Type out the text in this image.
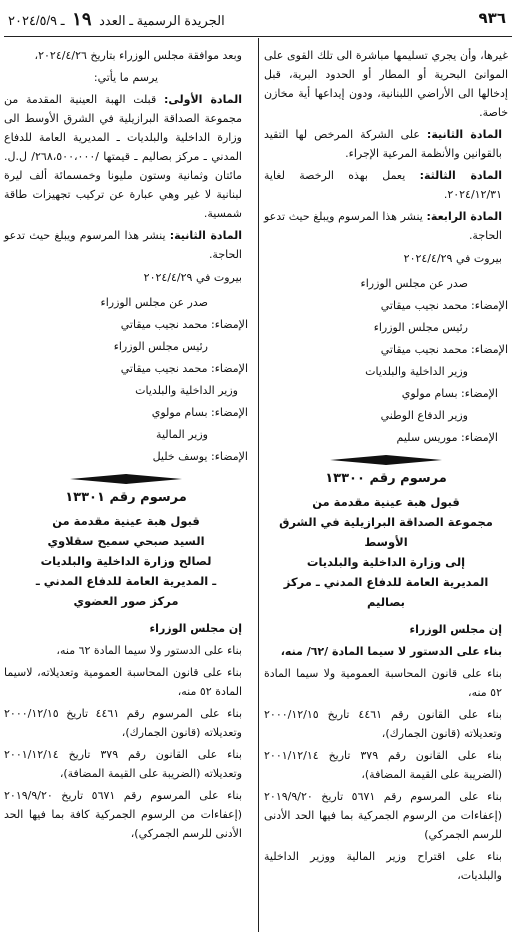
٩٣٦
الجريدة الرسمية ـ العدد ١٩ ـ ٢٠٢٤/٥/٩

غيرها، وأن يجري تسليمها مباشرة الى تلك القوى على الموانئ البحرية أو المطار أو الحدود البرية، قبل إدخالها الى الأراضي اللبنانية، ودون إيداعها أية مخازن خاصة.

المادة الثانية: على الشركة المرخص لها التقيد بالقوانين والأنظمة المرعية الإجراء.

المادة الثالثة: يعمل بهذه الرخصة لغاية ٢٠٢٤/١٢/٣١.

المادة الرابعة: ينشر هذا المرسوم ويبلغ حيث تدعو الحاجة.

بيروت في ٢٠٢٤/٤/٢٩

صدر عن مجلس الوزراء

الإمضاء: محمد نجيب ميقاتي

رئيس مجلس الوزراء

الإمضاء: محمد نجيب ميقاتي

وزير الداخلية والبلديات

الإمضاء: بسام مولوي

وزير الدفاع الوطني

الإمضاء: موريس سليم

مرسوم رقم ١٣٣٠٠

قبول هبة عينية مقدمة من

مجموعة الصداقة البرازيلية في الشرق الأوسط

إلى وزارة الداخلية والبلديات

المديرية العامة للدفاع المدني ـ مركز بصاليم

إن مجلس الوزراء

بناء على الدستور لا سيما المادة /٦٢/ منه،

بناء على قانون المحاسبة العمومية ولا سيما المادة ٥٢ منه،

بناء على القانون رقم ٤٤٦١ تاريخ ٢٠٠٠/١٢/١٥ وتعديلاته (قانون الجمارك)،

بناء على القانون رقم ٣٧٩ تاريخ ٢٠٠١/١٢/١٤ (الضريبة على القيمة المضافة)،

بناء على المرسوم رقم ٥٦٧١ تاريخ ٢٠١٩/٩/٢٠ (إعفاءات من الرسوم الجمركية بما فيها الحد الأدنى للرسم الجمركي)

بناء على اقتراح وزير المالية ووزير الداخلية والبلديات،

وبعد موافقة مجلس الوزراء بتاريخ ٢٠٢٤/٤/٢٦،

يرسم ما يأتي:

المادة الأولى: قبلت الهبة العينية المقدمة من مجموعة الصداقة البرازيلية في الشرق الأوسط الى وزارة الداخلية والبلديات ـ المديرية العامة للدفاع المدني ـ مركز بصاليم ـ قيمتها /٢٦٨،٥٠٠،٠٠٠/ ل.ل. مائتان وثمانية وستون مليونا وخمسمائة ألف ليرة لبنانية لا غير وهي عبارة عن تركيب تجهيزات طاقة شمسية.

المادة الثانية: ينشر هذا المرسوم ويبلغ حيث تدعو الحاجة.

بيروت في ٢٠٢٤/٤/٢٩

صدر عن مجلس الوزراء

الإمضاء: محمد نجيب ميقاتي

رئيس مجلس الوزراء

الإمضاء: محمد نجيب ميقاتي

وزير الداخلية والبلديات

الإمضاء: بسام مولوي

وزير المالية

الإمضاء: يوسف خليل

مرسوم رقم ١٣٣٠١

قبول هبة عينية مقدمة من

السيد صبحي سميح سقلاوي

لصالح وزارة الداخلية والبلديات

ـ المديرية العامة للدفاع المدني ـ

مركز صور العضوي

إن مجلس الوزراء

بناء على الدستور ولا سيما المادة ٦٢ منه،

بناء على قانون المحاسبة العمومية وتعديلاته، لاسيما المادة ٥٢ منه،

بناء على المرسوم رقم ٤٤٦١ تاريخ ٢٠٠٠/١٢/١٥ وتعديلاته (قانون الجمارك)،

بناء على القانون رقم ٣٧٩ تاريخ ٢٠٠١/١٢/١٤ وتعديلاته (الضريبة على القيمة المضافة)،

بناء على المرسوم رقم ٥٦٧١ تاريخ ٢٠١٩/٩/٢٠ (إعفاءات من الرسوم الجمركية كافة بما فيها الحد الأدنى للرسم الجمركي)،
